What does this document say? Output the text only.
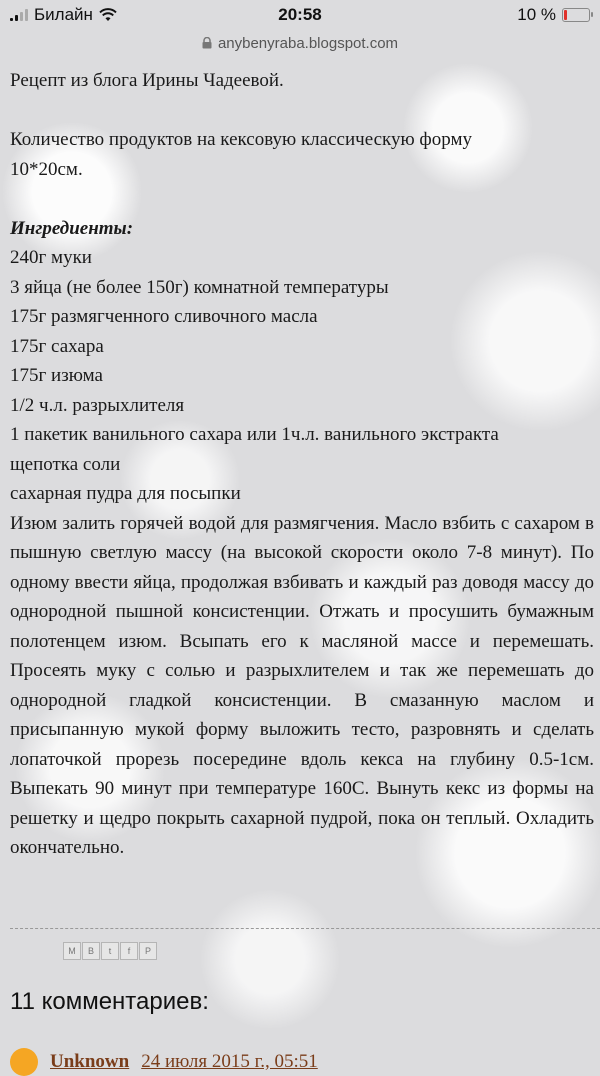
Билайн	20:58	10 %
anybenyraba.blogspot.com

Рецепт из блога Ирины Чадеевой.

Количество продуктов на кексовую классическую форму

10*20см.

Ингредиенты:

240г муки

3 яйца (не более 150г) комнатной температуры

175г размягченного сливочного масла

175г сахара

175г изюма

1/2 ч.л. разрыхлителя

1 пакетик ванильного сахара или 1ч.л. ванильного экстракта

щепотка соли

сахарная пудра для посыпки

Изюм залить горячей водой для размягчения. Масло взбить с сахаром в пышную светлую массу (на высокой скорости около 7-8 минут). По одному ввести яйца, продолжая взбивать и каждый раз доводя массу до однородной пышной консистенции. Отжать и просушить бумажным полотенцем изюм. Всыпать его к масляной массе и перемешать. Просеять муку с солью и разрыхлителем и так же перемешать до однородной гладкой консистенции. В смазанную маслом и присыпанную мукой форму выложить тесто, разровнять и сделать лопаточкой прорезь посередине вдоль кекса на глубину 0.5-1см. Выпекать 90 минут при температуре 160С. Вынуть кекс из формы на решетку и щедро покрыть сахарной пудрой, пока он теплый. Охладить окончательно.

M	B	t	f	P
11 комментариев:
Unknown 24 июля 2015 г., 05:51
